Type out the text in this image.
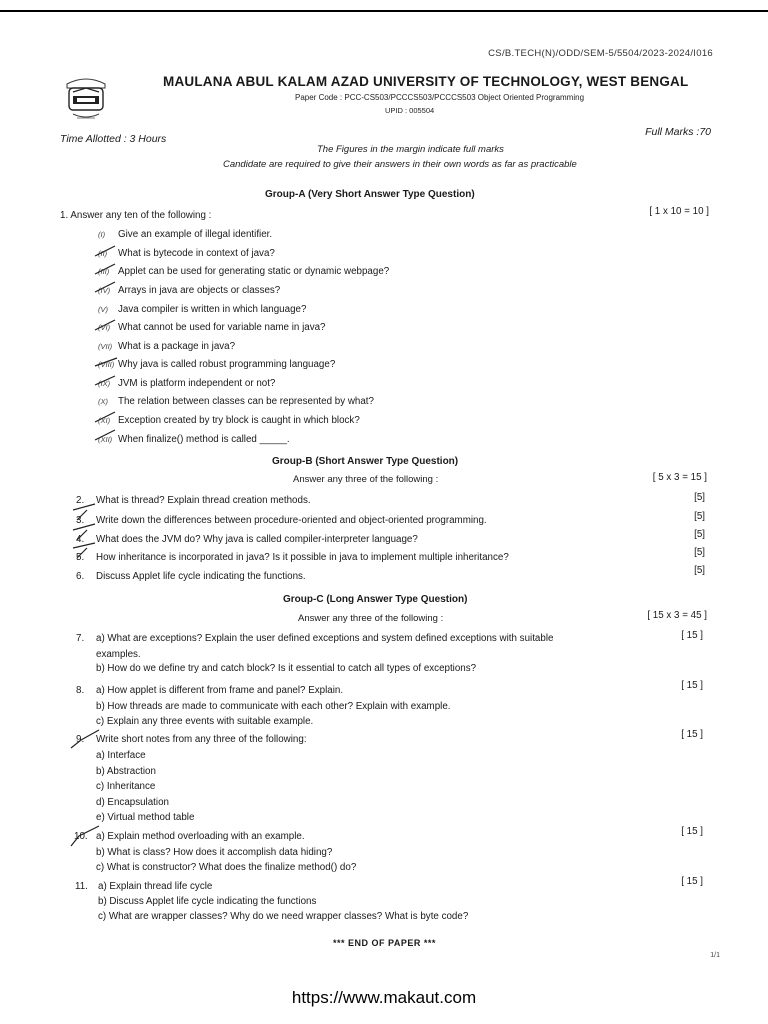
CS/B.TECH(N)/ODD/SEM-5/5504/2023-2024/I016
MAULANA ABUL KALAM AZAD UNIVERSITY OF TECHNOLOGY, WEST BENGAL
Paper Code : PCC-CS503/PCCCS503/PCCCS503 Object Oriented Programming
UPID : 005504
Time Allotted : 3 Hours
Full Marks :70
The Figures in the margin indicate full marks
Candidate are required to give their answers in their own words as far as practicable
Group-A (Very Short Answer Type Question)
1. Answer any ten of the following :	[ 1 x 10 = 10 ]
(I) Give an example of illegal identifier.
(II) What is bytecode in context of java?
(III) Applet can be used for generating static or dynamic webpage?
(IV) Arrays in java are objects or classes?
(V) Java compiler is written in which language?
(VI) What cannot be used for variable name in java?
(VII) What is a package in java?
(VIII) Why java is called robust programming language?
(IX) JVM is platform independent or not?
(X) The relation between classes can be represented by what?
(XI) Exception created by try block is caught in which block?
(XII) When finalize() method is called _____.
Group-B (Short Answer Type Question)
Answer any three of the following :	[ 5 x 3 = 15 ]
2. What is thread? Explain thread creation methods.	[5]
3. Write down the differences between procedure-oriented and object-oriented programming.	[5]
4. What does the JVM do? Why java is called compiler-interpreter language?	[5]
5. How inheritance is incorporated in java? Is it possible in java to implement multiple inheritance?	[5]
6. Discuss Applet life cycle indicating the functions.
[5]
Group-C (Long Answer Type Question)
Answer any three of the following :	[ 15 x 3 = 45 ]
7. a) What are exceptions? Explain the user defined exceptions and system defined exceptions with suitable	[ 15 ]
examples.
b) How do we define try and catch block? Is it essential to catch all types of exceptions?
8. a) How applet is different from frame and panel? Explain.	[ 15 ]
b) How threads are made to communicate with each other? Explain with example.
c) Explain any three events with suitable example.
9. Write short notes from any three of the following:	[ 15 ]
a) Interface
b) Abstraction
c) Inheritance
d) Encapsulation
e) Virtual method table
10. a) Explain method overloading with an example.	[ 15 ]
b) What is class? How does it accomplish data hiding?
c) What is constructor? What does the finalize method() do?
11. a) Explain thread life cycle	[ 15 ]
b) Discuss Applet life cycle indicating the functions
c) What are wrapper classes? Why do we need wrapper classes? What is byte code?
*** END OF PAPER ***
1/1
https://www.makaut.com
